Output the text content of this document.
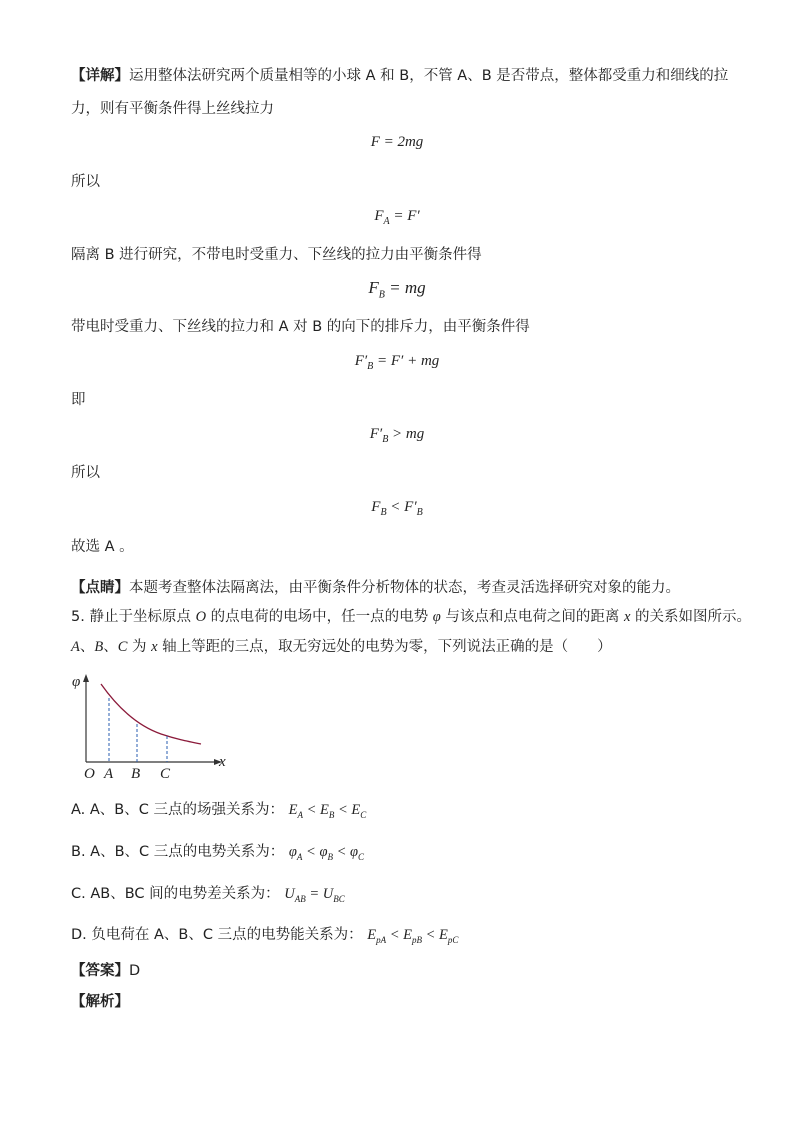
【详解】运用整体法研究两个质量相等的小球 A 和 B，不管 A、B 是否带点，整体都受重力和细线的拉
力，则有平衡条件得上丝线拉力
F = 2mg
所以
$F_A = F'$
隔离 B 进行研究，不带电时受重力、下丝线的拉力由平衡条件得
$F_B$ = mg
带电时受重力、下丝线的拉力和 A 对 B 的向下的排斥力，由平衡条件得
$F'_B = F'$ + mg
即
$F'_B$ > mg
所以
$F_B < F'_B$
故选 A 。
【点睛】本题考查整体法隔离法，由平衡条件分析物体的状态，考查灵活选择研究对象的能力。
5. 静止于坐标原点 O 的点电荷的电场中，任一点的电势 φ 与该点和点电荷之间的距离 x 的关系如图所示。
A、B、C 为 x 轴上等距的三点，取无穷远处的电势为零，下列说法正确的是（　　）
φ
x
O A B C
A. A、B、C 三点的场强关系为： $E_A < E_B < E_C$
B. A、B、C 三点的电势关系为： $\varphi_A < \varphi_B < \varphi_C$
C. AB、BC 间的电势差关系为： $U_{AB} = U_{BC}$
D. 负电荷在 A、B、C 三点的电势能关系为： $E_{pA} < E_{pB} < E_{pC}$
【答案】D
【解析】
